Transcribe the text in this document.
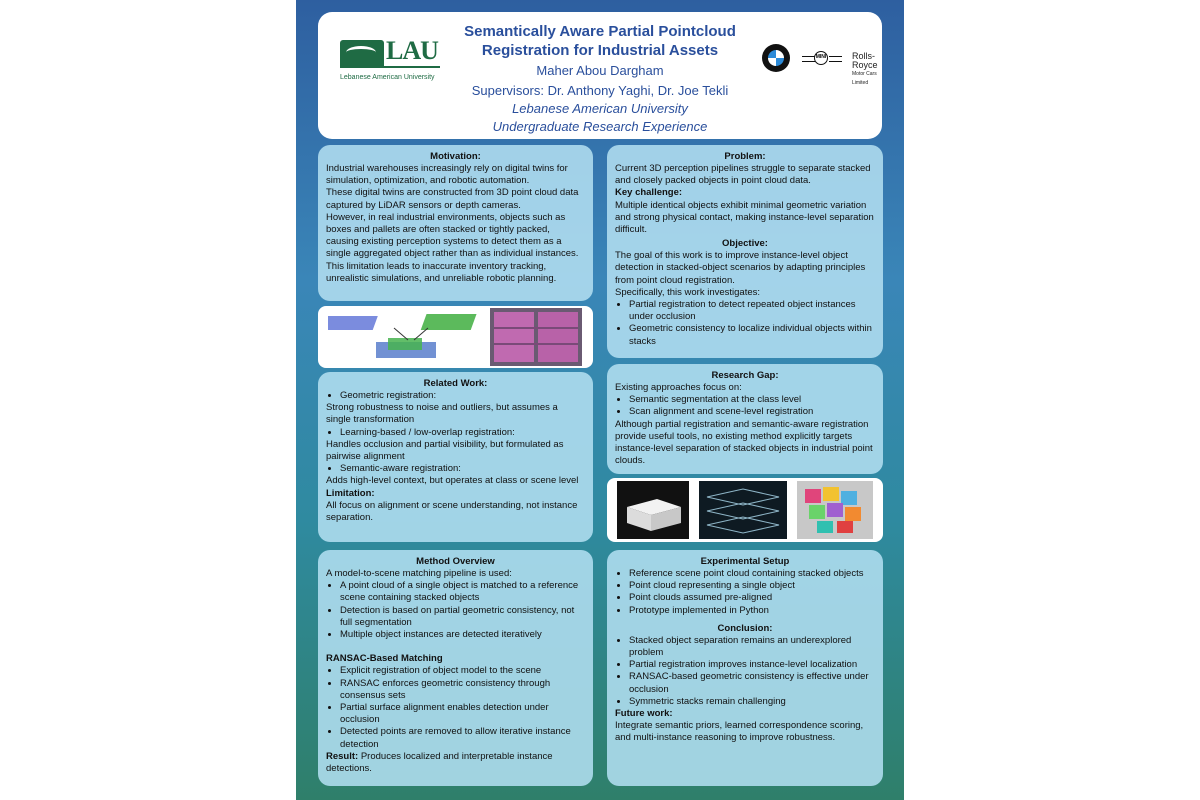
LAU
Lebanese American University
Semantically Aware Partial Pointcloud Registration for Industrial Assets
Maher Abou Dargham
Supervisors: Dr. Anthony Yaghi, Dr. Joe Tekli
Lebanese American University
Undergraduate Research Experience
MINI	Rolls-Royce
Motor Cars Limited
Motivation:

Industrial warehouses increasingly rely on digital twins for simulation, optimization, and robotic automation.

These digital twins are constructed from 3D point cloud data captured by LiDAR sensors or depth cameras.

However, in real industrial environments, objects such as boxes and pallets are often stacked or tightly packed, causing existing perception systems to detect them as a single aggregated object rather than as individual instances.

This limitation leads to inaccurate inventory tracking, unrealistic simulations, and unreliable robotic planning.

Problem:

Current 3D perception pipelines struggle to separate stacked and closely packed objects in point cloud data.

Key challenge:

Multiple identical objects exhibit minimal geometric variation and strong physical contact, making instance-level separation difficult.

Objective:

The goal of this work is to improve instance-level object detection in stacked-object scenarios by adapting principles from point cloud registration.

Specifically, this work investigates:

• Partial registration to detect repeated object instances under occlusion
• Geometric consistency to localize individual objects within stacks
Related Work:
• Geometric registration:

Strong robustness to noise and outliers, but assumes a single transformation

• Learning-based / low-overlap registration:

Handles occlusion and partial visibility, but formulated as pairwise alignment

• Semantic-aware registration:

Adds high-level context, but operates at class or scene level

Limitation:

All focus on alignment or scene understanding, not instance separation.

Research Gap:

Existing approaches focus on:

• Semantic segmentation at the class level
• Scan alignment and scene-level registration

Although partial registration and semantic-aware registration provide useful tools, no existing method explicitly targets instance-level separation of stacked objects in industrial point clouds.

Method Overview

A model-to-scene matching pipeline is used:

• A point cloud of a single object is matched to a reference scene containing stacked objects
• Detection is based on partial geometric consistency, not full segmentation
• Multiple object instances are detected iteratively

RANSAC-Based Matching

• Explicit registration of object model to the scene
• RANSAC enforces geometric consistency through consensus sets
• Partial surface alignment enables detection under occlusion
• Detected points are removed to allow iterative instance detection

Result: Produces localized and interpretable instance detections.

Experimental Setup
• Reference scene point cloud containing stacked objects
• Point cloud representing a single object
• Point clouds assumed pre-aligned
• Prototype implemented in Python
Conclusion:
• Stacked object separation remains an underexplored problem
• Partial registration improves instance-level localization
• RANSAC-based geometric consistency is effective under occlusion
• Symmetric stacks remain challenging

Future work:

Integrate semantic priors, learned correspondence scoring, and multi-instance reasoning to improve robustness.
